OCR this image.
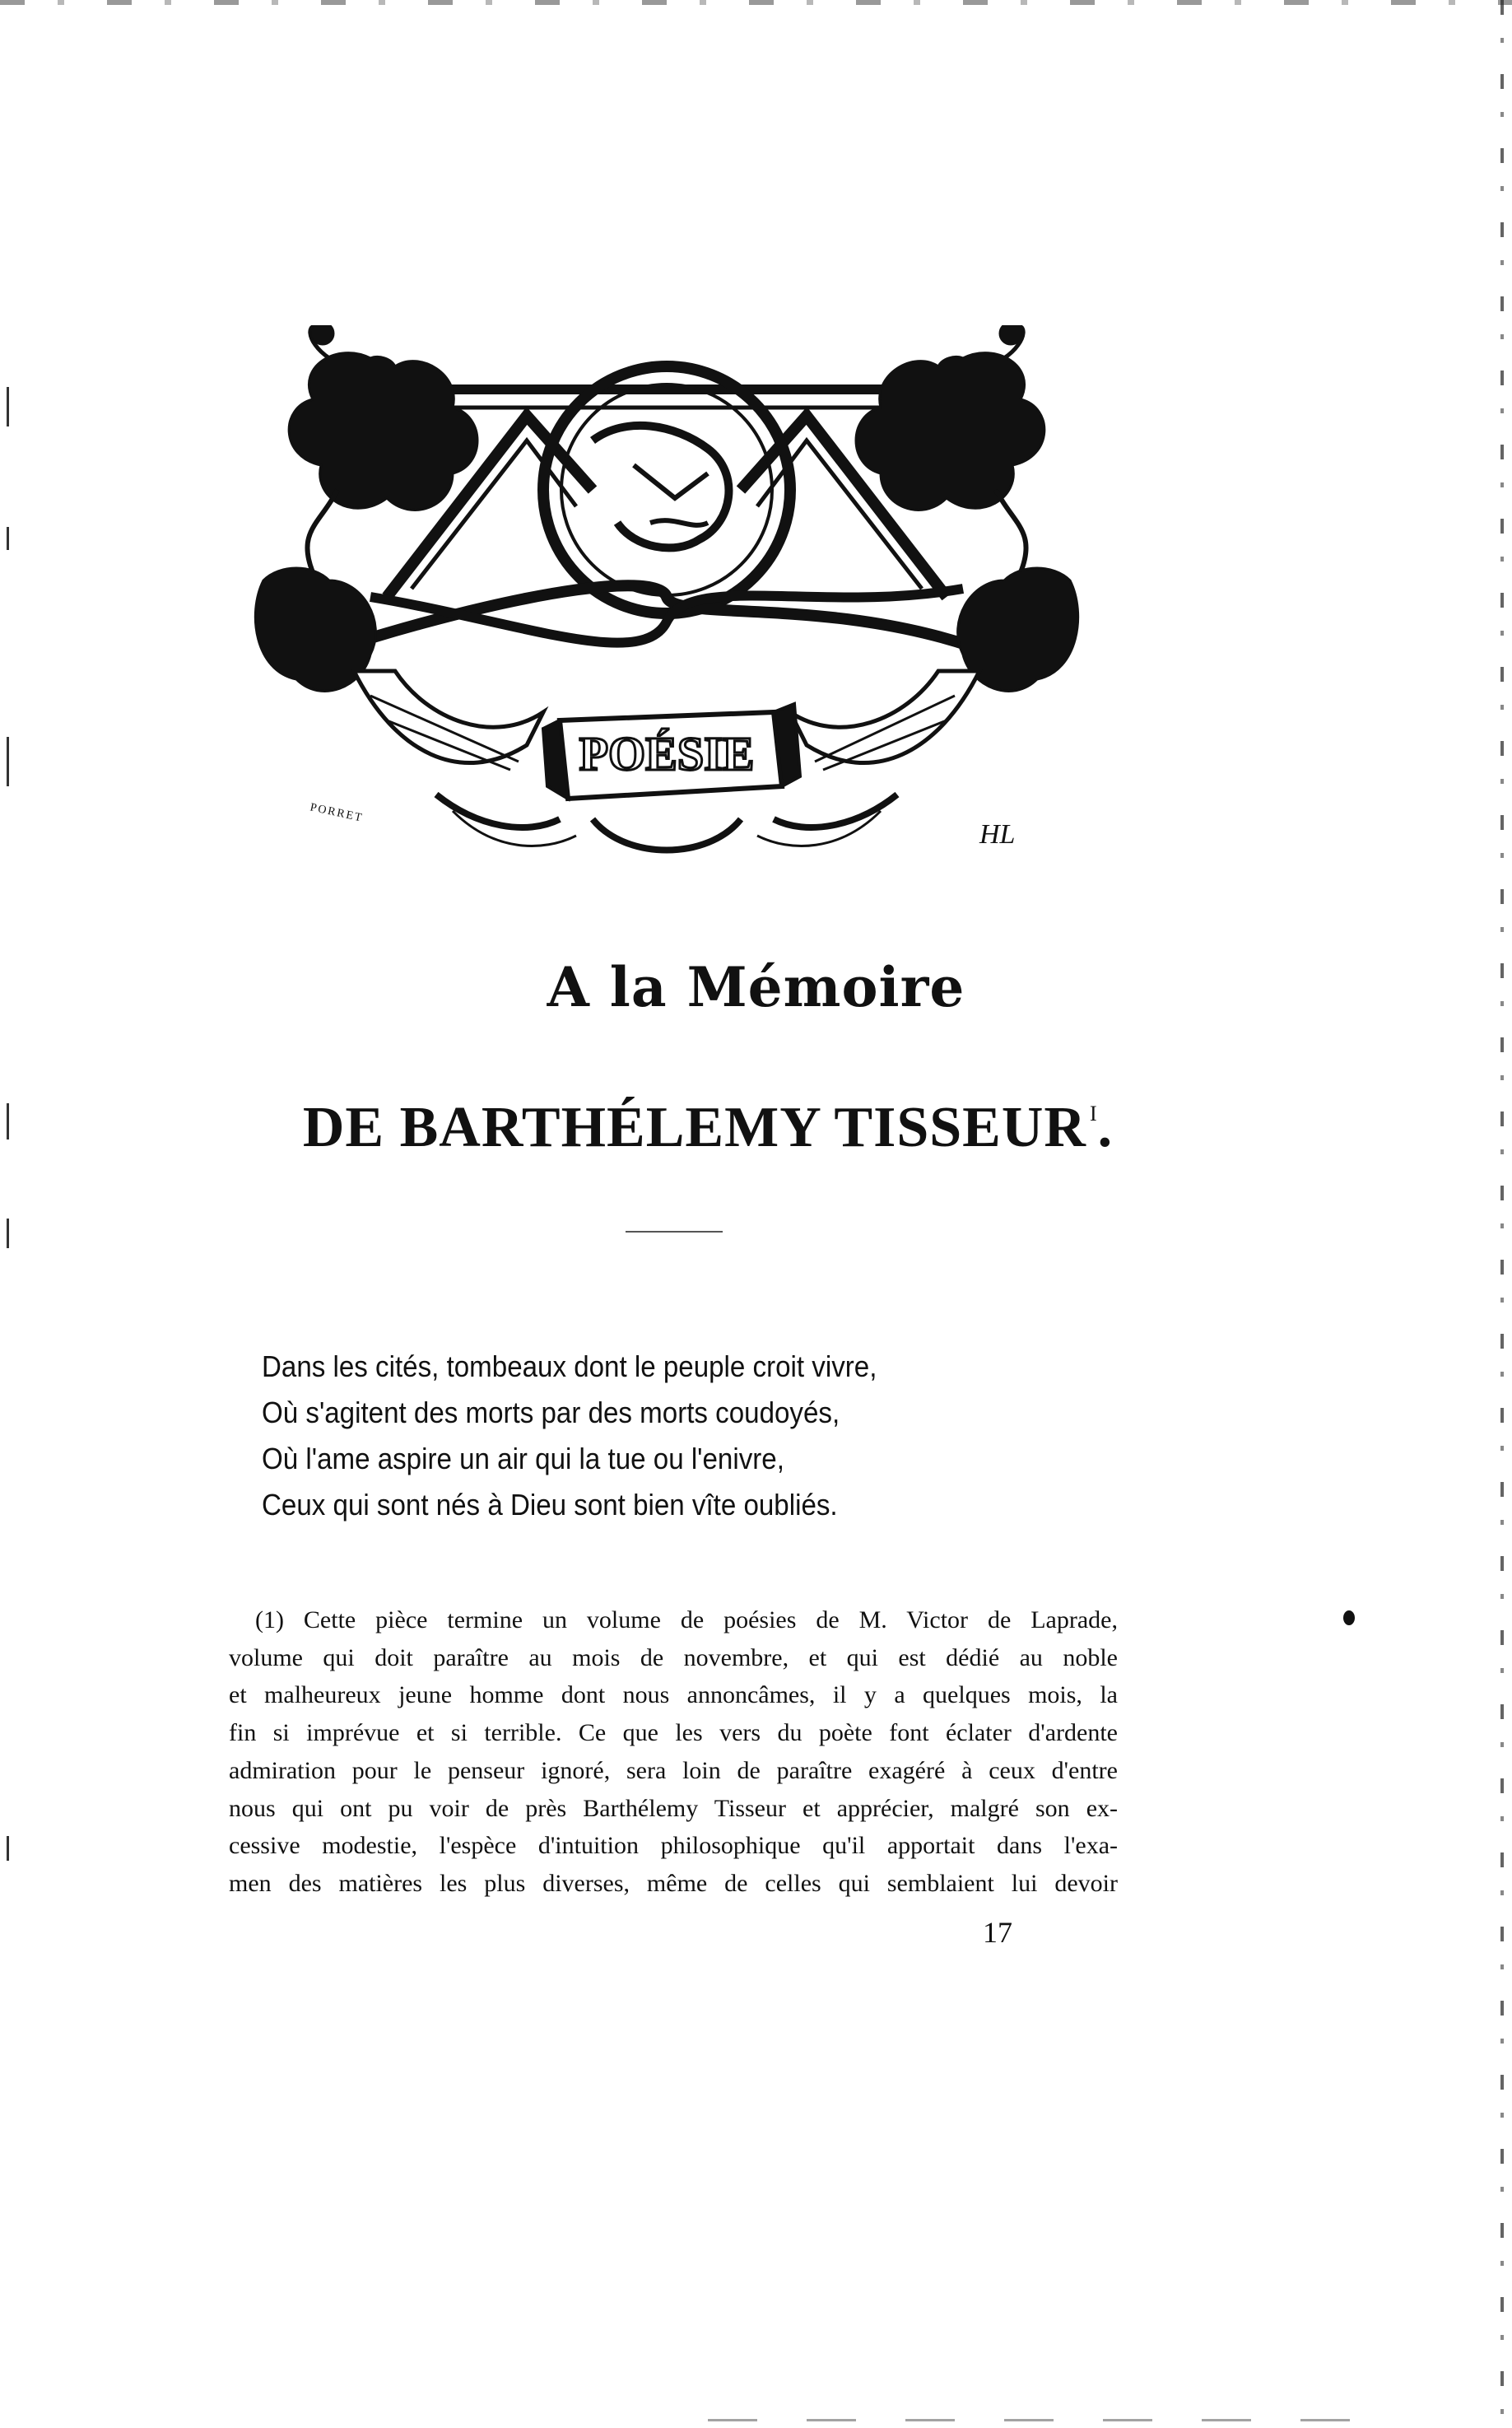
POÉSIE
PORRET
HL
A la Mémoire
DE BARTHÉLEMY TISSEUR $^I$.
Dans les cités, tombeaux dont le peuple croit vivre,
Où s'agitent des morts par des morts coudoyés,
Où l'ame aspire un air qui la tue ou l'enivre,
Ceux qui sont nés à Dieu sont bien vîte oubliés.
(1) Cette pièce termine un volume de poésies de M. Victor de Laprade,
volume qui doit paraître au mois de novembre, et qui est dédié au noble
et malheureux jeune homme dont nous annoncâmes, il y a quelques mois, la
fin si imprévue et si terrible. Ce que les vers du poète font éclater d'ardente
admiration pour le penseur ignoré, sera loin de paraître exagéré à ceux d'entre
nous qui ont pu voir de près Barthélemy Tisseur et apprécier, malgré son ex-
cessive modestie, l'espèce d'intuition philosophique qu'il apportait dans l'exa-
men des matières les plus diverses, même de celles qui semblaient lui devoir
17
